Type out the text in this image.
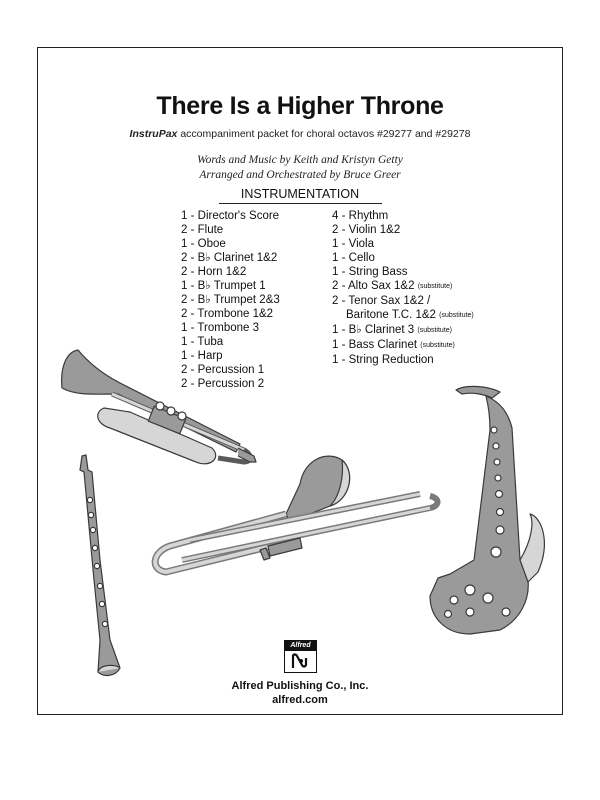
There Is a Higher Throne
InstruPax accompaniment packet for choral octavos #29277 and #29278
Words and Music by Keith and Kristyn Getty
Arranged and Orchestrated by Bruce Greer
INSTRUMENTATION
1 - Director's Score
2 - Flute
1 - Oboe
2 - B♭ Clarinet 1&2
2 - Horn 1&2
1 - B♭ Trumpet 1
2 - B♭ Trumpet 2&3
2 - Trombone 1&2
1 - Trombone 3
1 - Tuba
1 - Harp
2 - Percussion 1
2 - Percussion 2
4 - Rhythm
2 - Violin 1&2
1 - Viola
1 - Cello
1 - String Bass
2 - Alto Sax 1&2 (substitute)
2 - Tenor Sax 1&2 /
Baritone T.C. 1&2 (substitute)
1 - B♭ Clarinet 3 (substitute)
1 - Bass Clarinet (substitute)
1 - String Reduction
Alfred
Alfred Publishing Co., Inc.
alfred.com
